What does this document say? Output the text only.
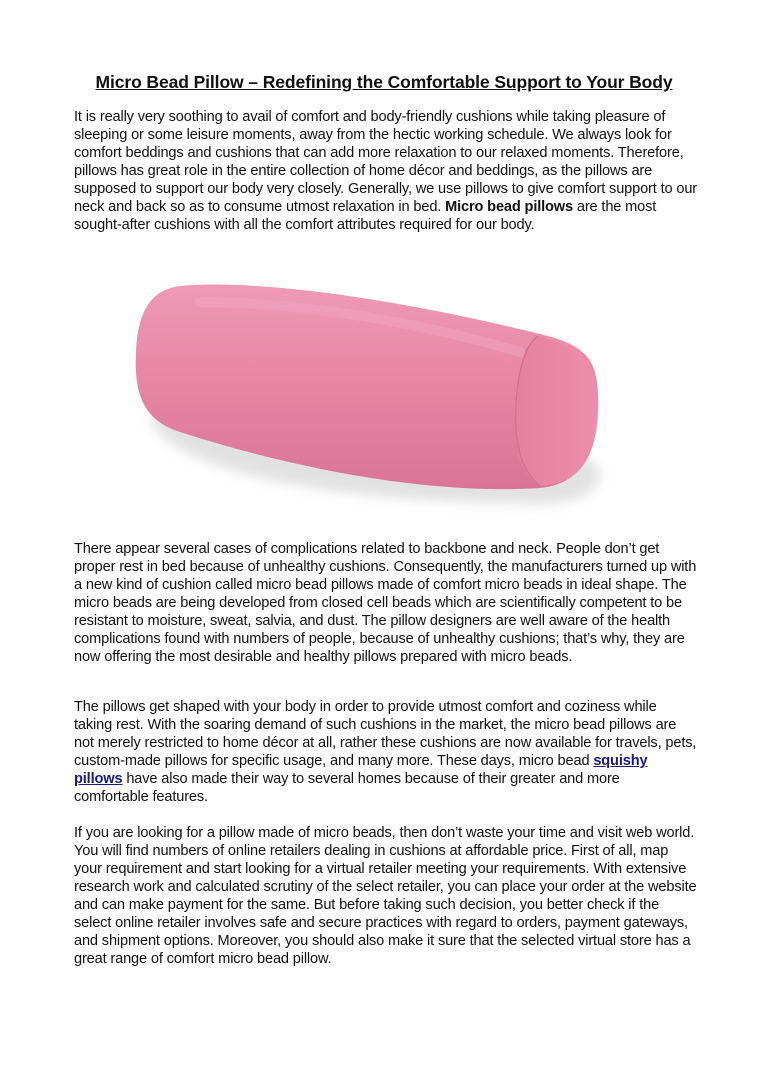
Micro Bead Pillow – Redefining the Comfortable Support to Your Body

It is really very soothing to avail of comfort and body-friendly cushions while taking pleasure of sleeping or some leisure moments, away from the hectic working schedule. We always look for comfort beddings and cushions that can add more relaxation to our relaxed moments. Therefore, pillows has great role in the entire collection of home décor and beddings, as the pillows are supposed to support our body very closely. Generally, we use pillows to give comfort support to our neck and back so as to consume utmost relaxation in bed. Micro bead pillows are the most sought-after cushions with all the comfort attributes required for our body.

There appear several cases of complications related to backbone and neck. People don’t get proper rest in bed because of unhealthy cushions. Consequently, the manufacturers turned up with a new kind of cushion called micro bead pillows made of comfort micro beads in ideal shape. The micro beads are being developed from closed cell beads which are scientifically competent to be resistant to moisture, sweat, salvia, and dust. The pillow designers are well aware of the health complications found with numbers of people, because of unhealthy cushions; that’s why, they are now offering the most desirable and healthy pillows prepared with micro beads.

The pillows get shaped with your body in order to provide utmost comfort and coziness while taking rest. With the soaring demand of such cushions in the market, the micro bead pillows are not merely restricted to home décor at all, rather these cushions are now available for travels, pets, custom-made pillows for specific usage, and many more. These days, micro bead squishy pillows have also made their way to several homes because of their greater and more comfortable features.

If you are looking for a pillow made of micro beads, then don’t waste your time and visit web world. You will find numbers of online retailers dealing in cushions at affordable price. First of all, map your requirement and start looking for a virtual retailer meeting your requirements. With extensive research work and calculated scrutiny of the select retailer, you can place your order at the website and can make payment for the same. But before taking such decision, you better check if the select online retailer involves safe and secure practices with regard to orders, payment gateways, and shipment options. Moreover, you should also make it sure that the selected virtual store has a great range of comfort micro bead pillow.
